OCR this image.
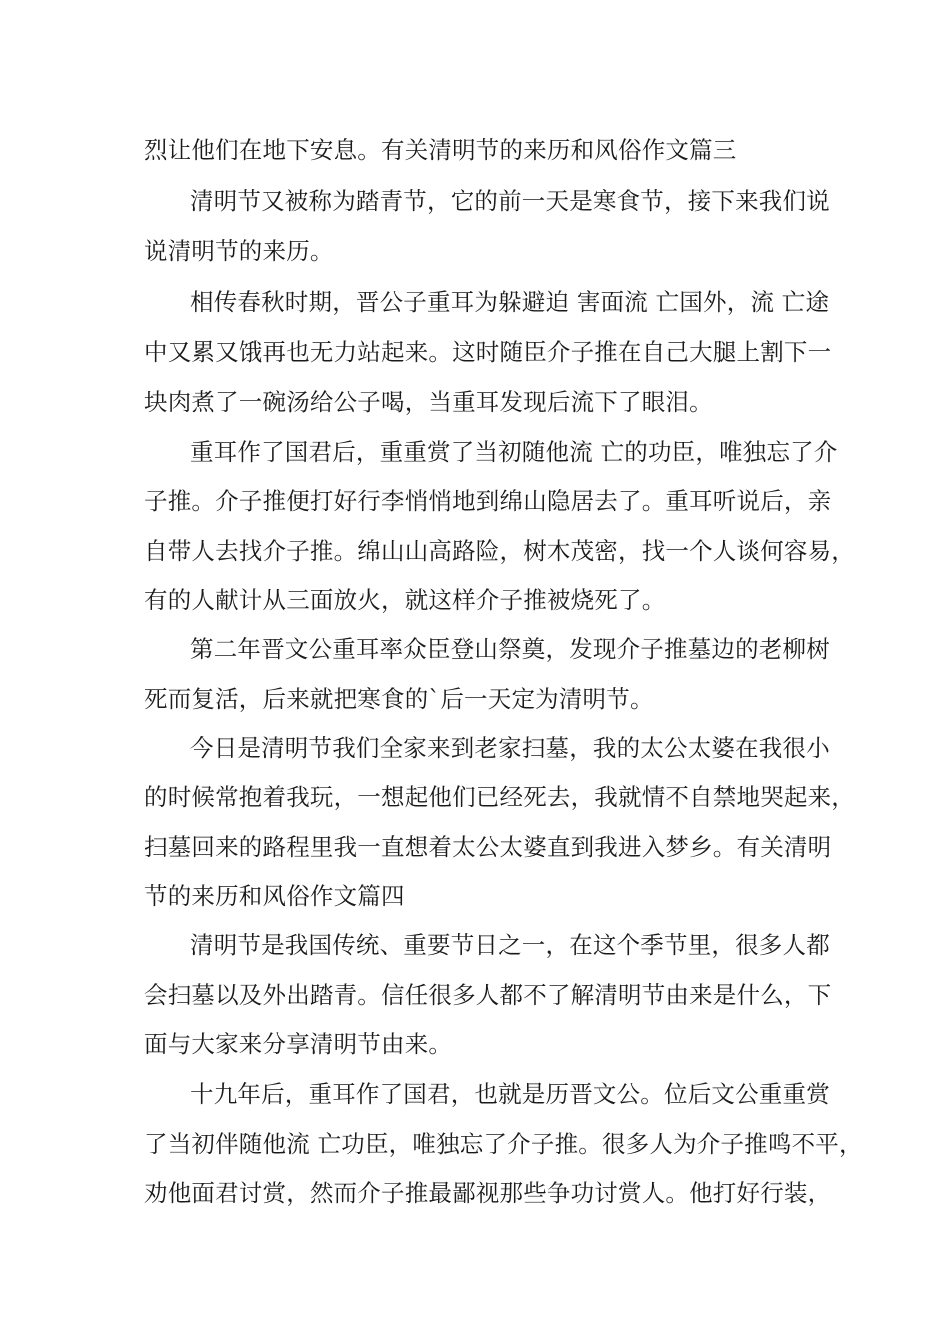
烈让他们在地下安息。有关清明节的来历和风俗作文篇三

清明节又被称为踏青节，它的前一天是寒食节，接下来我们说

说清明节的来历。

相传春秋时期，晋公子重耳为躲避迫 害面流 亡国外，流 亡途

中又累又饿再也无力站起来。这时随臣介子推在自己大腿上割下一

块肉煮了一碗汤给公子喝，当重耳发现后流下了眼泪。

重耳作了国君后，重重赏了当初随他流 亡的功臣，唯独忘了介

子推。介子推便打好行李悄悄地到绵山隐居去了。重耳听说后，亲

自带人去找介子推。绵山山高路险，树木茂密，找一个人谈何容易，

有的人献计从三面放火，就这样介子推被烧死了。

第二年晋文公重耳率众臣登山祭奠，发现介子推墓边的老柳树

死而复活，后来就把寒食的`后一天定为清明节。

今日是清明节我们全家来到老家扫墓，我的太公太婆在我很小

的时候常抱着我玩，一想起他们已经死去，我就情不自禁地哭起来，

扫墓回来的路程里我一直想着太公太婆直到我进入梦乡。有关清明

节的来历和风俗作文篇四

清明节是我国传统、重要节日之一，在这个季节里，很多人都

会扫墓以及外出踏青。信任很多人都不了解清明节由来是什么，下

面与大家来分享清明节由来。

十九年后，重耳作了国君，也就是历晋文公。位后文公重重赏

了当初伴随他流 亡功臣，唯独忘了介子推。很多人为介子推鸣不平，

劝他面君讨赏，然而介子推最鄙视那些争功讨赏人。他打好行装，
